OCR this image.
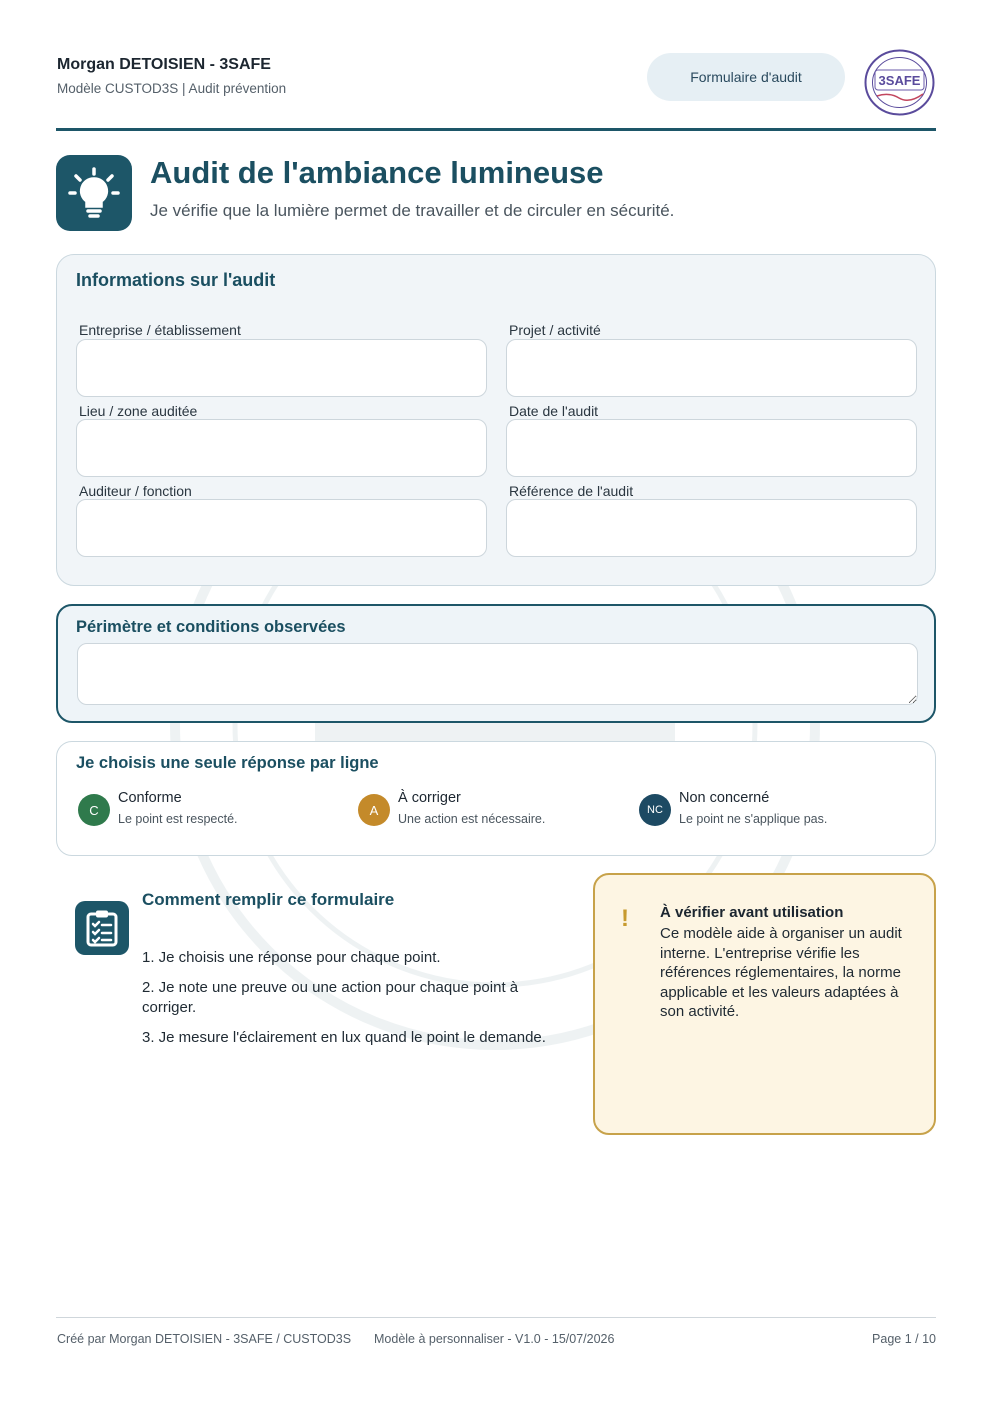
Morgan DETOISIEN - 3SAFE
Modèle CUSTOD3S | Audit prévention
Formulaire d'audit	3SAFE
Audit de l'ambiance lumineuse
Je vérifie que la lumière permet de travailler et de circuler en sécurité.
Informations sur l'audit
Entreprise / établissement	Projet / activité
Lieu / zone auditée	Date de l'audit
Auditeur / fonction	Référence de l'audit
Périmètre et conditions observées
Je choisis une seule réponse par ligne
C
Conforme
Le point est respecté.
A
À corriger
Une action est nécessaire.
NC
Non concerné
Le point ne s'applique pas.
Comment remplir ce formulaire
1. Je choisis une réponse pour chaque point.
2. Je note une preuve ou une action pour chaque point à corriger.
3. Je mesure l'éclairement en lux quand le point le demande.
! À vérifier avant utilisation
Ce modèle aide à organiser un audit interne. L'entreprise vérifie les références réglementaires, la norme applicable et les valeurs adaptées à son activité.
Créé par Morgan DETOISIEN - 3SAFE / CUSTOD3S Modèle à personnaliser - V1.0 - 15/07/2026	Page 1 / 10
